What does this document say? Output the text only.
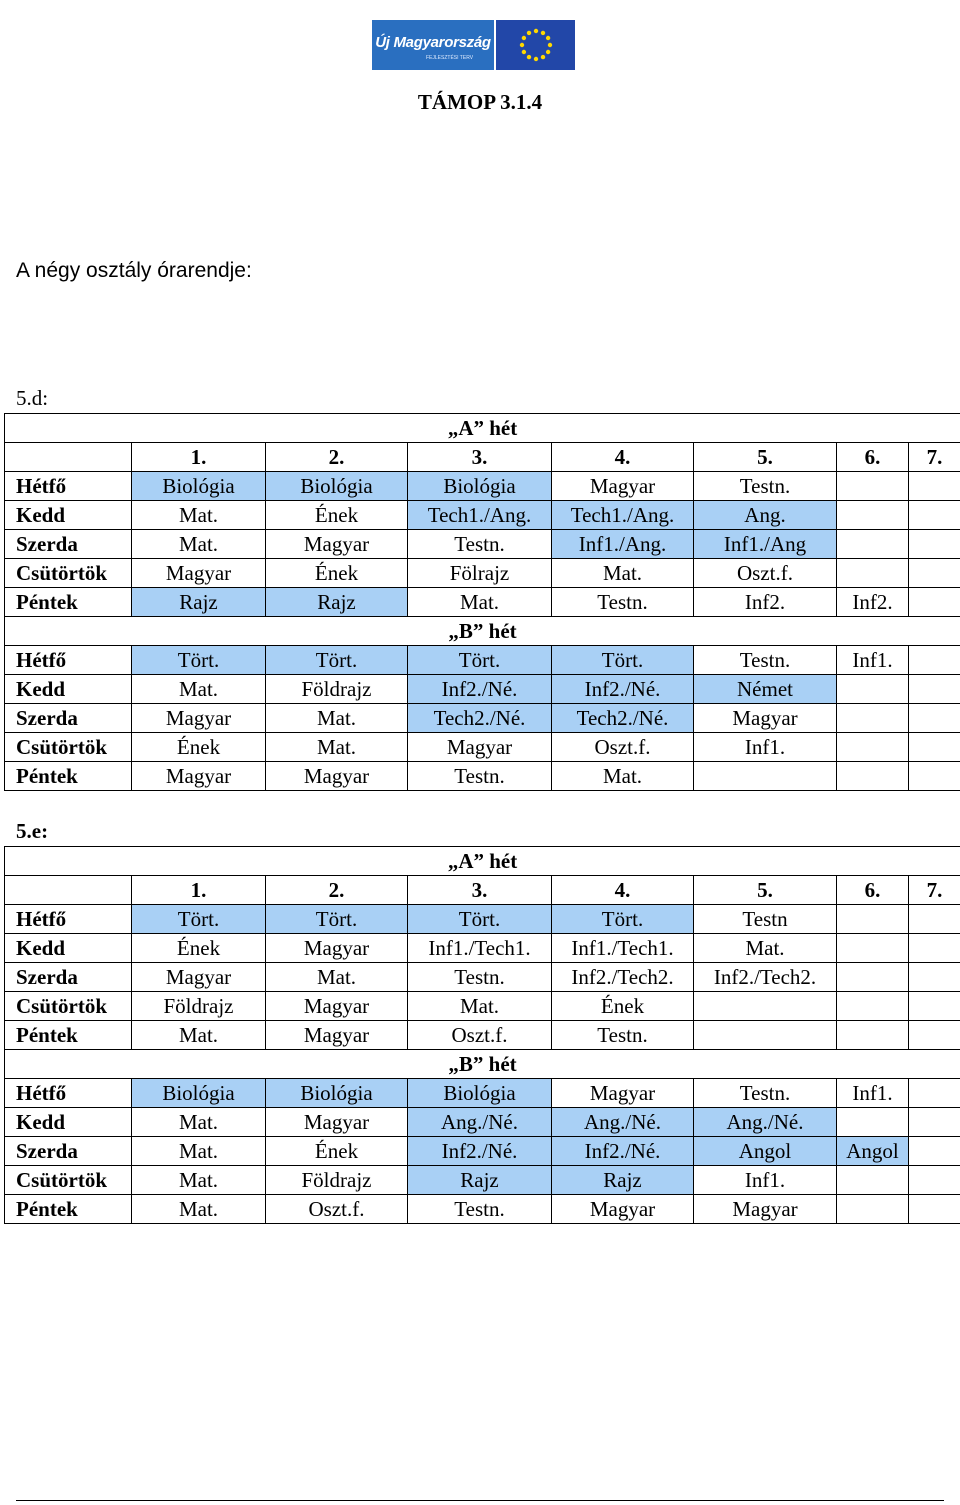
Új Magyarország
FEJLESZTÉSI TERV
TÁMOP 3.1.4
A négy osztály órarendje:
5.d:
„A” hét							
	1.	2.	3.	4.	5.	6.	7.
Hétfő	Biológia	Biológia	Biológia	Magyar	Testn.		
Kedd	Mat.	Ének	Tech1./Ang.	Tech1./Ang.	Ang.		
Szerda	Mat.	Magyar	Testn.	Inf1./Ang.	Inf1./Ang		
Csütörtök	Magyar	Ének	Fölrajz	Mat.	Oszt.f.		
Péntek	Rajz	Rajz	Mat.	Testn.	Inf2.	Inf2.	
„B” hét							
Hétfő	Tört.	Tört.	Tört.	Tört.	Testn.	Inf1.	
Kedd	Mat.	Földrajz	Inf2./Né.	Inf2./Né.	Német		
Szerda	Magyar	Mat.	Tech2./Né.	Tech2./Né.	Magyar		
Csütörtök	Ének	Mat.	Magyar	Oszt.f.	Inf1.		
Péntek	Magyar	Magyar	Testn.	Mat.			
5.e:
„A” hét							
	1.	2.	3.	4.	5.	6.	7.
Hétfő	Tört.	Tört.	Tört.	Tört.	Testn		
Kedd	Ének	Magyar	Inf1./Tech1.	Inf1./Tech1.	Mat.		
Szerda	Magyar	Mat.	Testn.	Inf2./Tech2.	Inf2./Tech2.		
Csütörtök	Földrajz	Magyar	Mat.	Ének			
Péntek	Mat.	Magyar	Oszt.f.	Testn.			
„B” hét							
Hétfő	Biológia	Biológia	Biológia	Magyar	Testn.	Inf1.	
Kedd	Mat.	Magyar	Ang./Né.	Ang./Né.	Ang./Né.		
Szerda	Mat.	Ének	Inf2./Né.	Inf2./Né.	Angol	Angol	
Csütörtök	Mat.	Földrajz	Rajz	Rajz	Inf1.		
Péntek	Mat.	Oszt.f.	Testn.	Magyar	Magyar		
